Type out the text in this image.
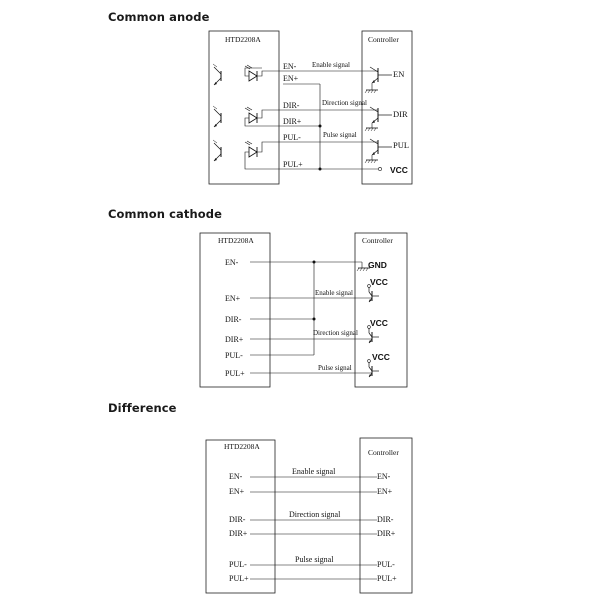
Common anode
Common cathode
Difference
HTD2208A	Controller
EN-
EN+
DIR-
DIR+
PUL-
PUL+
Enable signal
Direction signal
Pulse signal
EN
DIR
PUL
VCC
HTD2208A	Controller
EN-
EN+
DIR-
DIR+
PUL-
PUL+
Enable signal
Direction signal
Pulse signal
GND
VCC
VCC
VCC
HTD2208A
Controller
EN-
EN+
DIR-
DIR+
PUL-
PUL+
Enable signal
Direction signal
Pulse signal
EN-
EN+
DIR-
DIR+
PUL-
PUL+
